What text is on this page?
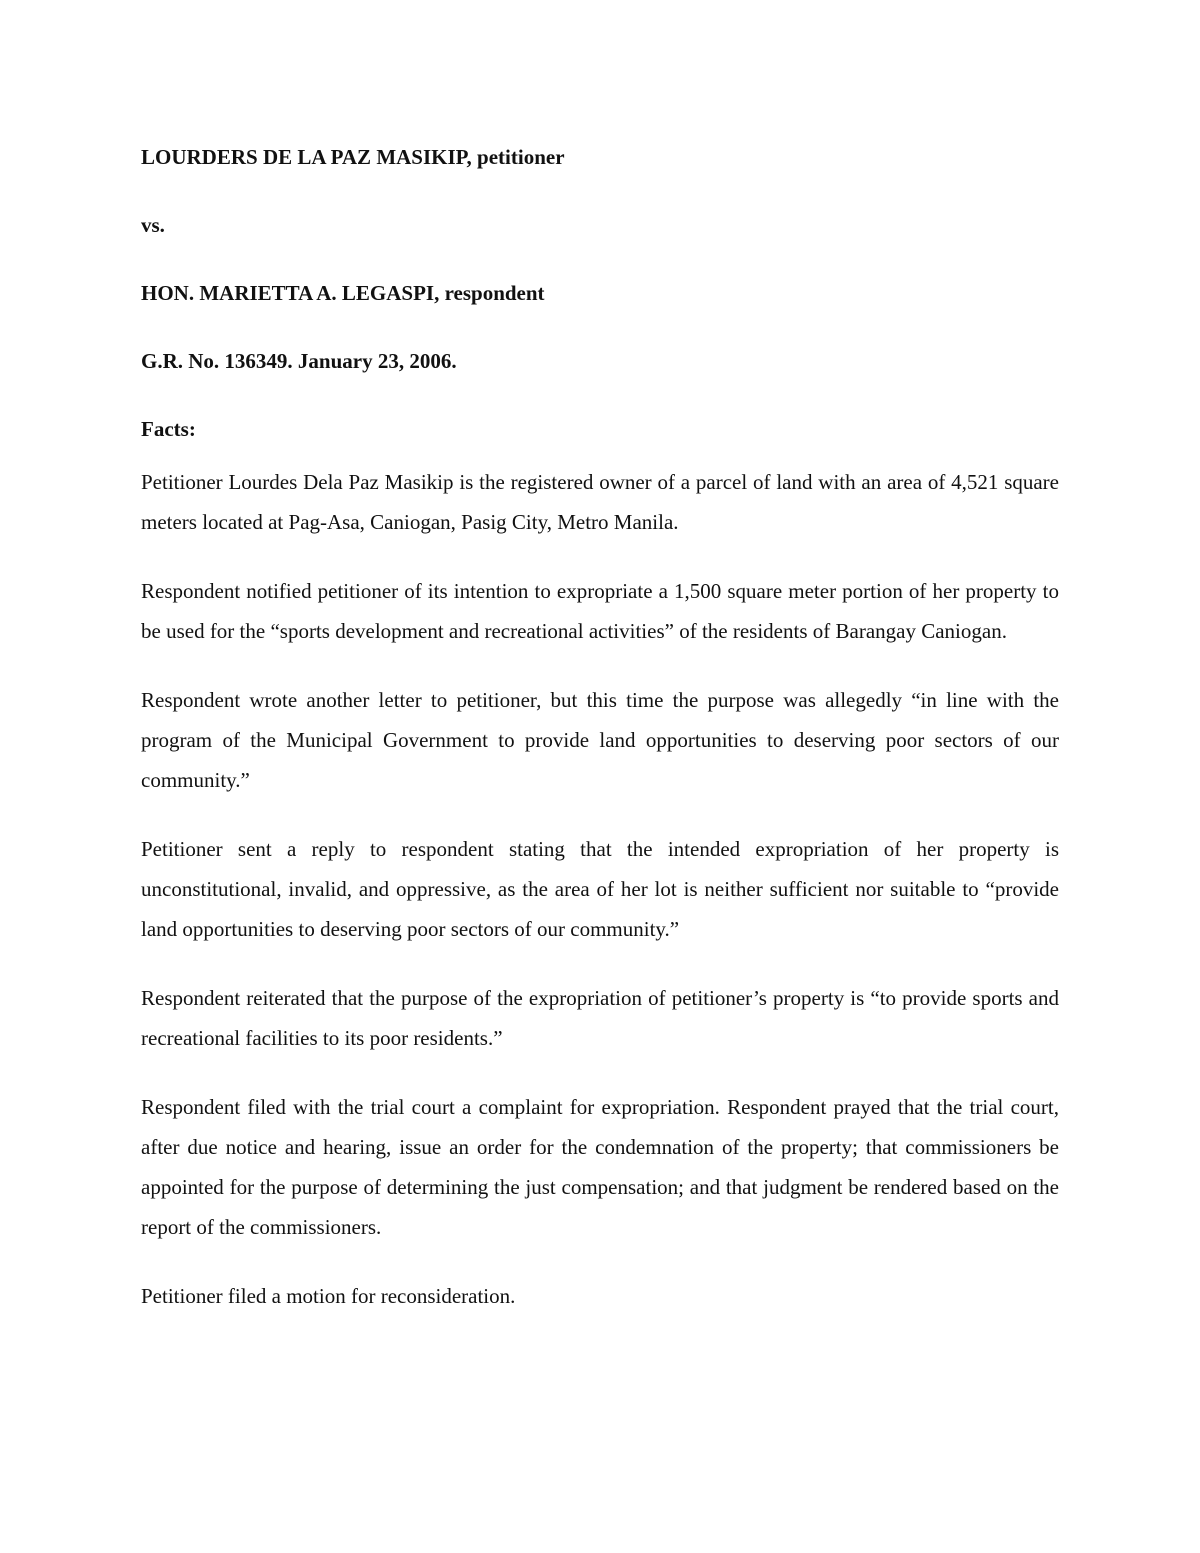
LOURDERS DE LA PAZ MASIKIP, petitioner

vs.

HON. MARIETTA A. LEGASPI, respondent

G.R. No. 136349. January 23, 2006.

Facts:

Petitioner Lourdes Dela Paz Masikip is the registered owner of a parcel of land with an area of 4,521 square meters located at Pag-Asa, Caniogan, Pasig City, Metro Manila.

Respondent notified petitioner of its intention to expropriate a 1,500 square meter portion of her property to be used for the “sports development and recreational activities” of the residents of Barangay Caniogan.

Respondent wrote another letter to petitioner, but this time the purpose was allegedly “in line with the program of the Municipal Government to provide land opportunities to deserving poor sectors of our community.”

Petitioner sent a reply to respondent stating that the intended expropriation of her property is unconstitutional, invalid, and oppressive, as the area of her lot is neither sufficient nor suitable to “provide land opportunities to deserving poor sectors of our community.”

Respondent reiterated that the purpose of the expropriation of petitioner’s property is “to provide sports and recreational facilities to its poor residents.”

Respondent filed with the trial court a complaint for expropriation. Respondent prayed that the trial court, after due notice and hearing, issue an order for the condemnation of the property; that commissioners be appointed for the purpose of determining the just compensation; and that judgment be rendered based on the report of the commissioners.

Petitioner filed a motion for reconsideration.
